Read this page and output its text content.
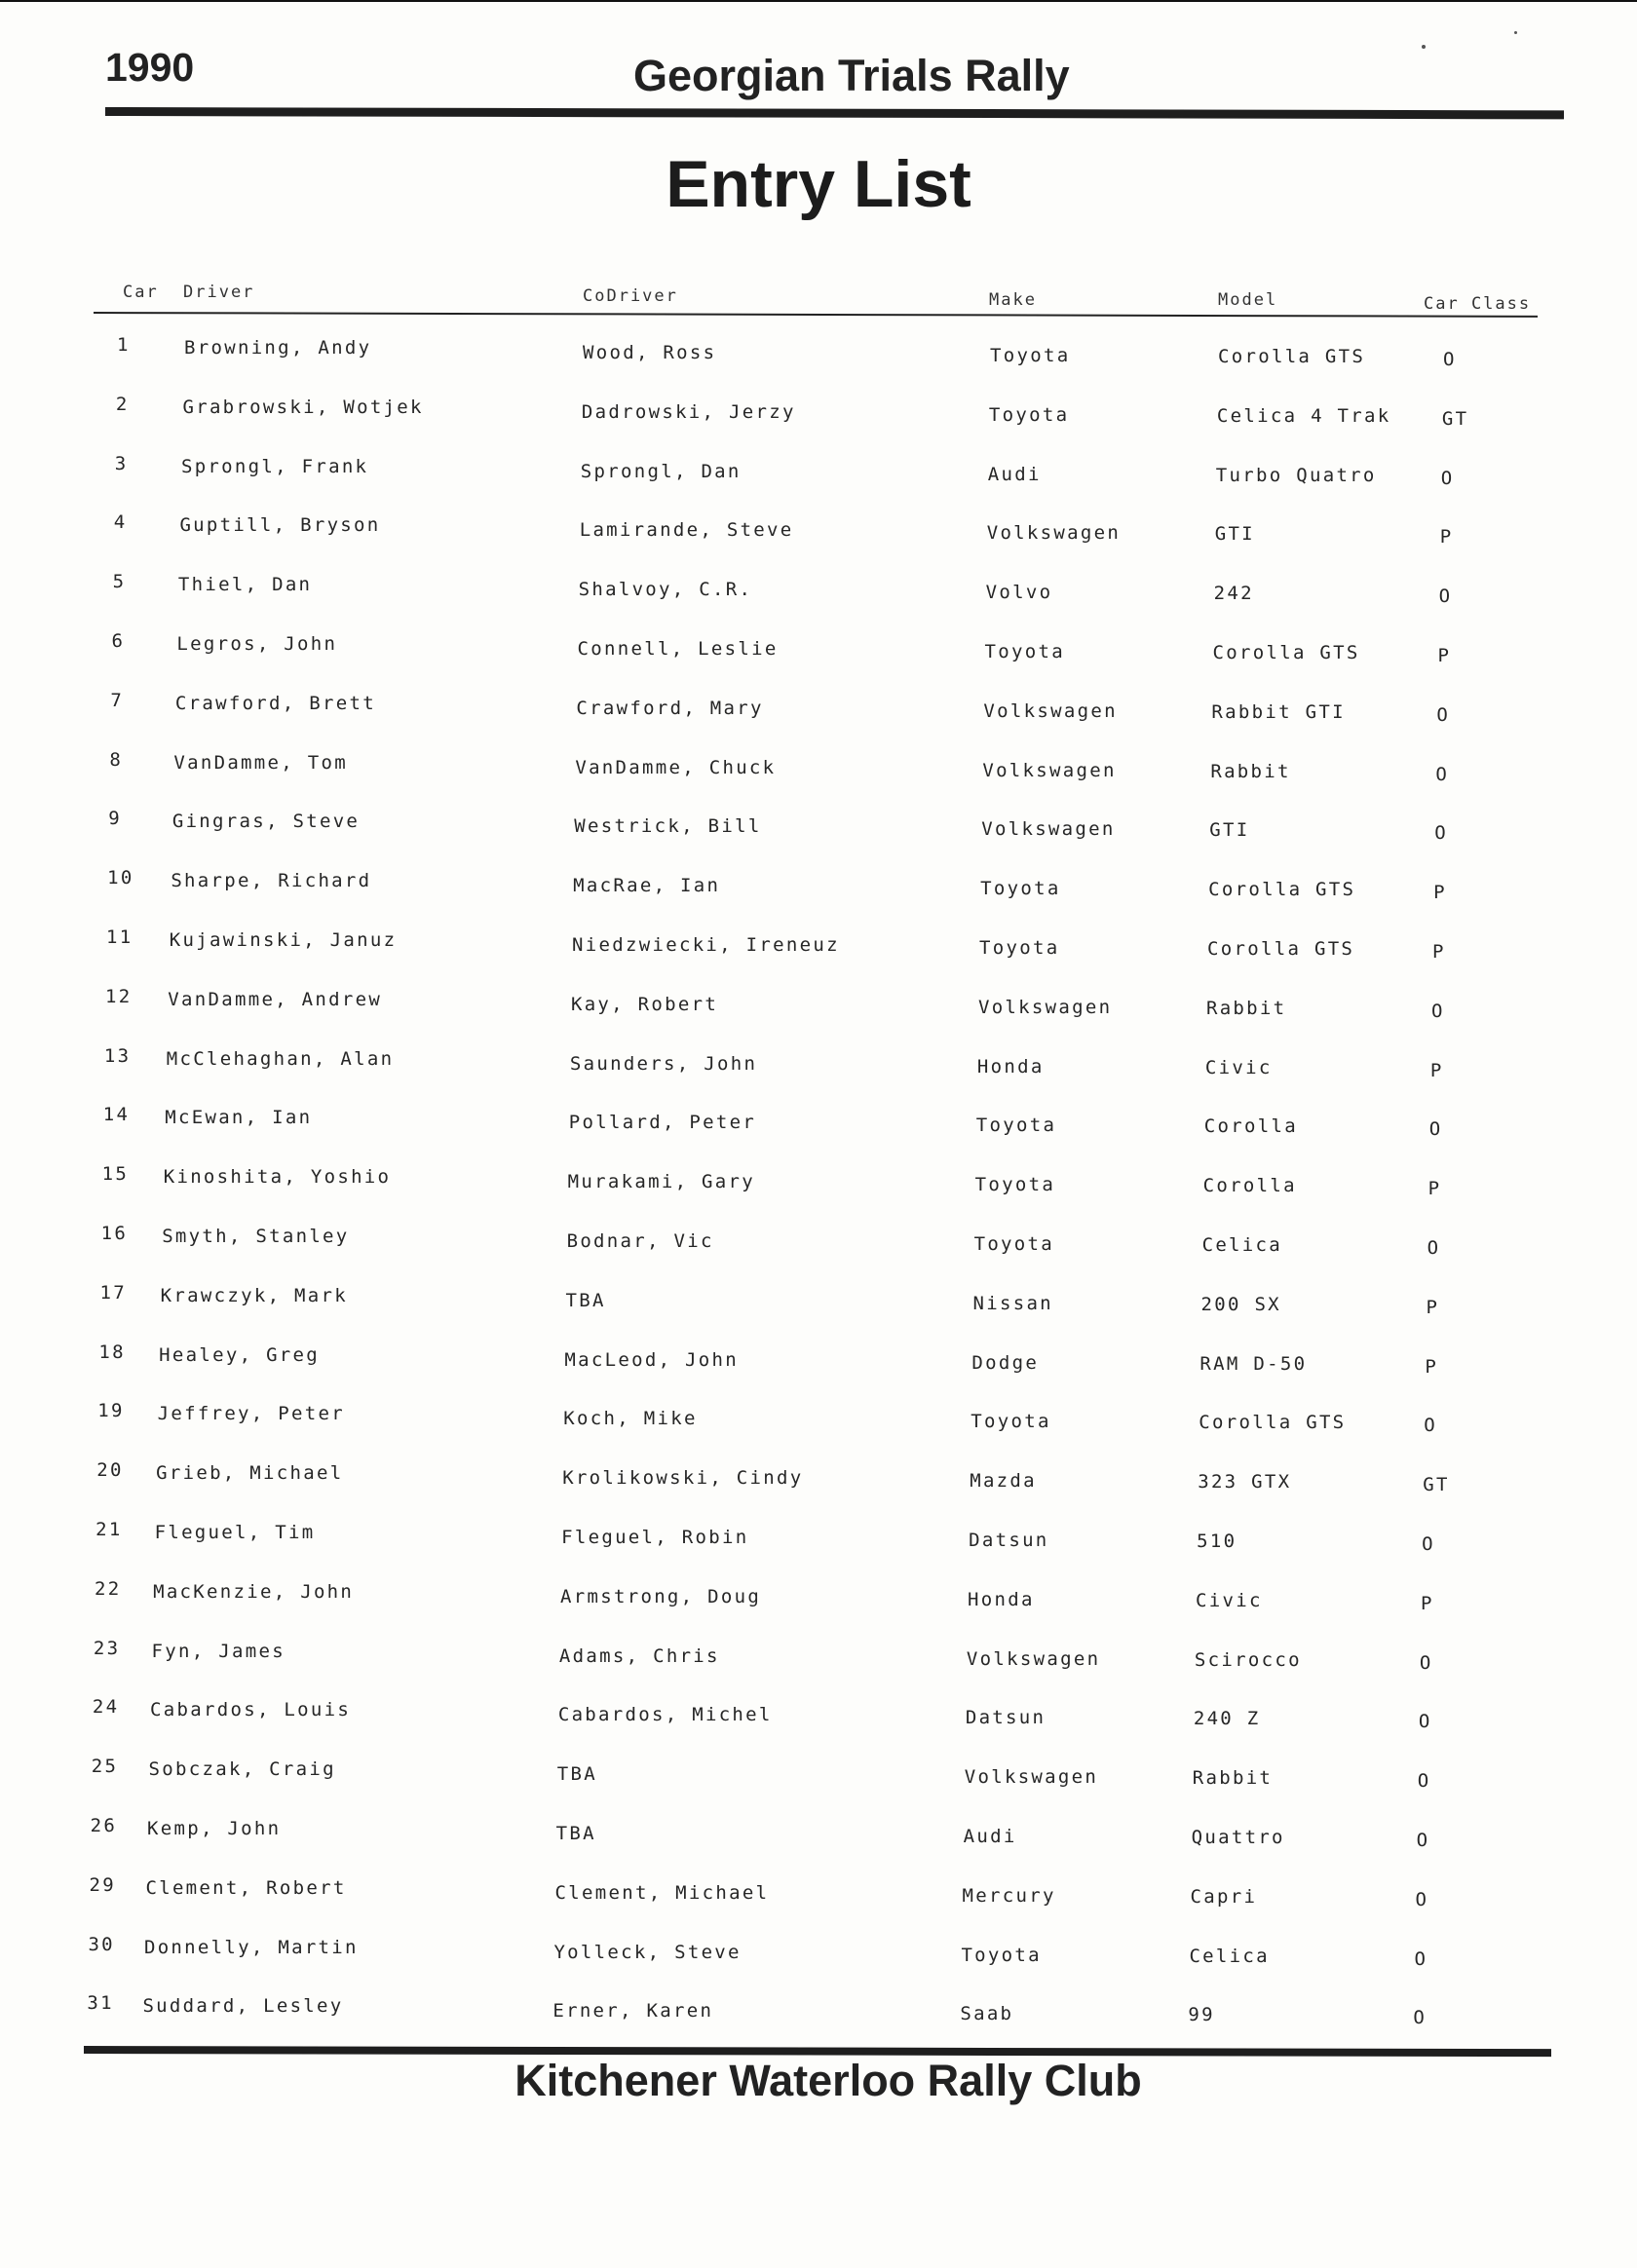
1990	Georgian Trials Rally
Entry List
Car Driver	CoDriver	Make	Model	Car Class
1	Browning, Andy	Wood, Ross	Toyota	Corolla GTS	O
2	Grabrowski, Wotjek	Dadrowski, Jerzy	Toyota	Celica 4 Trak	GT
3	Sprongl, Frank	Sprongl, Dan	Audi	Turbo Quatro	O
4	Guptill, Bryson	Lamirande, Steve	Volkswagen	GTI	P
5	Thiel, Dan	Shalvoy, C.R.	Volvo	242	O
6	Legros, John	Connell, Leslie	Toyota	Corolla GTS	P
7	Crawford, Brett	Crawford, Mary	Volkswagen	Rabbit GTI	O
8	VanDamme, Tom	VanDamme, Chuck	Volkswagen	Rabbit	O
9	Gingras, Steve	Westrick, Bill	Volkswagen	GTI	O
10 Sharpe, Richard	MacRae, Ian	Toyota	Corolla GTS	P
11 Kujawinski, Januz	Niedzwiecki, Ireneuz	Toyota	Corolla GTS	P
12 VanDamme, Andrew	Kay, Robert	Volkswagen	Rabbit	O
13 McClehaghan, Alan	Saunders, John	Honda	Civic	P
14 McEwan, Ian	Pollard, Peter	Toyota	Corolla	O
15 Kinoshita, Yoshio	Murakami, Gary	Toyota	Corolla	P
16 Smyth, Stanley	Bodnar, Vic	Toyota	Celica	O
17 Krawczyk, Mark	TBA	Nissan	200 SX	P
18 Healey, Greg	MacLeod, John	Dodge	RAM D-50	P
19 Jeffrey, Peter	Koch, Mike	Toyota	Corolla GTS	O
20 Grieb, Michael	Krolikowski, Cindy	Mazda	323 GTX	GT
21 Fleguel, Tim	Fleguel, Robin	Datsun	510	O
22 MacKenzie, John	Armstrong, Doug	Honda	Civic	P
23 Fyn, James	Adams, Chris	Volkswagen	Scirocco	O
24 Cabardos, Louis	Cabardos, Michel	Datsun	240 Z	O
25 Sobczak, Craig	TBA	Volkswagen	Rabbit	O
26 Kemp, John	TBA	Audi	Quattro	O
29 Clement, Robert	Clement, Michael	Mercury	Capri	O
30 Donnelly, Martin	Yolleck, Steve	Toyota	Celica	O
31 Suddard, Lesley	Erner, Karen	Saab	99	O
Kitchener Waterloo Rally Club
